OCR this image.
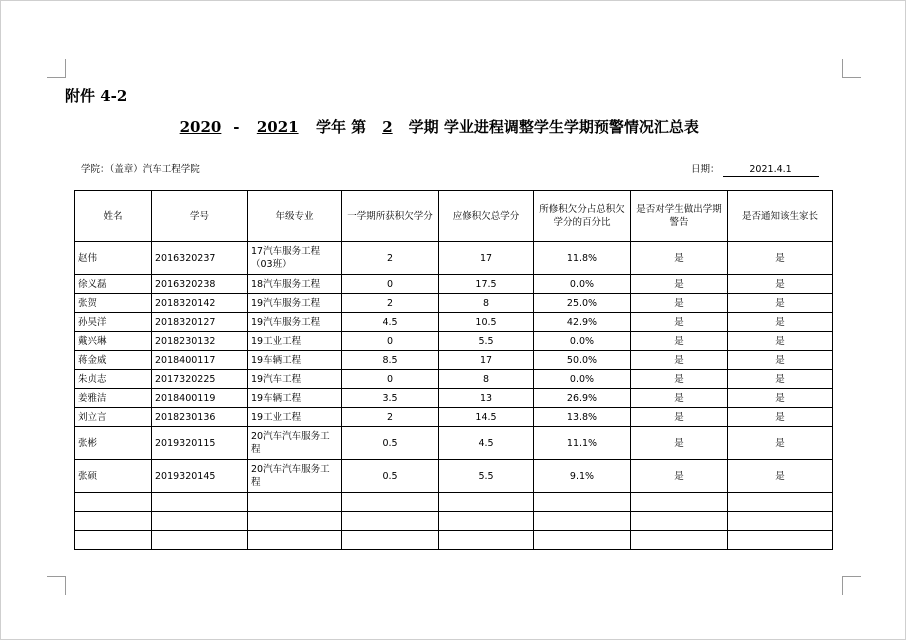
附件 4-2
2020 - 2021 学年 第 2 学期 学业进程调整学生学期预警情况汇总表
学院：（盖章）汽车工程学院	日期：	2021.4.1
姓名	学号	年级专业	一学期所获积欠学分	应修积欠总学分	所修积欠分占总积欠学分的百分比	是否对学生做出学期警告	是否通知该生家长
赵伟	2016320237	17汽车服务工程（03班）	2	17	11.8%	是	是
徐义磊	2016320238	18汽车服务工程	0	17.5	0.0%	是	是
张贺	2018320142	19汽车服务工程	2	8	25.0%	是	是
孙昊洋	2018320127	19汽车服务工程	4.5	10.5	42.9%	是	是
戴兴琳	2018230132	19工业工程	0	5.5	0.0%	是	是
蒋金威	2018400117	19车辆工程	8.5	17	50.0%	是	是
朱贞志	2017320225	19汽车工程	0	8	0.0%	是	是
姜雅洁	2018400119	19车辆工程	3.5	13	26.9%	是	是
刘立言	2018230136	19工业工程	2	14.5	13.8%	是	是
张彬	2019320115	20汽车汽车服务工程	0.5	4.5	11.1%	是	是
张硕	2019320145	20汽车汽车服务工程	0.5	5.5	9.1%	是	是
